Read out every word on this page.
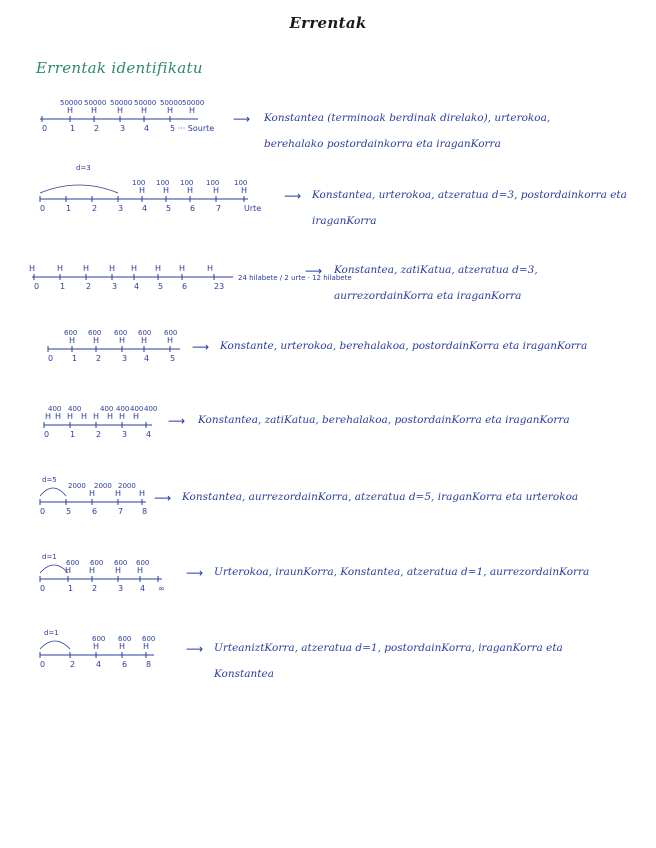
Errentak
Errentak identifikatu
0	1 2	3 4	5 ··· Sourte
H H H H H H
50000 50000 50000 50000 50000 50000
⟶ Konstantea (terminoak berdinak direlako), urterokoa, berehalako postordainkorra eta iraganKorra
0	1	2	3 4 5 6	7	Urte
H H H H	H
100 100 100 100 100
d=3
⟶ Konstantea, urterokoa, atzeratua d=3, postordainkorra eta iraganKorra
0	1	2	3 4 5 6	23
H	H H H H H H	H
24 hilabete / 2 urte · 12 hilabete
⟶ Konstantea, zatiKatua, atzeratua d=3, aurrezordainKorra eta iraganKorra
0 1 2	3 4	5
H H H H H
600 600 600 600 600
⟶ Konstante, urterokoa, berehalakoa, postordainKorra eta iraganKorra
0	1	2	3 4
H H H H H H H H
400 400	400 400 400 400
⟶ Konstantea, zatiKatua, berehalakoa, postordainKorra eta iraganKorra
0	5	6	7 8
H H H
2000 2000 2000
d=5
⟶ Konstantea, aurrezordainKorra, atzeratua d=5, iraganKorra eta urterokoa
0	1 2	3 4 ∞
H H H H
600 600 600 600
d=1
⟶ Urterokoa, iraunKorra, Konstantea, atzeratua d=1, aurrezordainKorra
0	2	4	6 8
H H H
600 600 600
d=1
⟶ UrteaniztKorra, atzeratua d=1, postordainKorra, iraganKorra eta Konstantea
